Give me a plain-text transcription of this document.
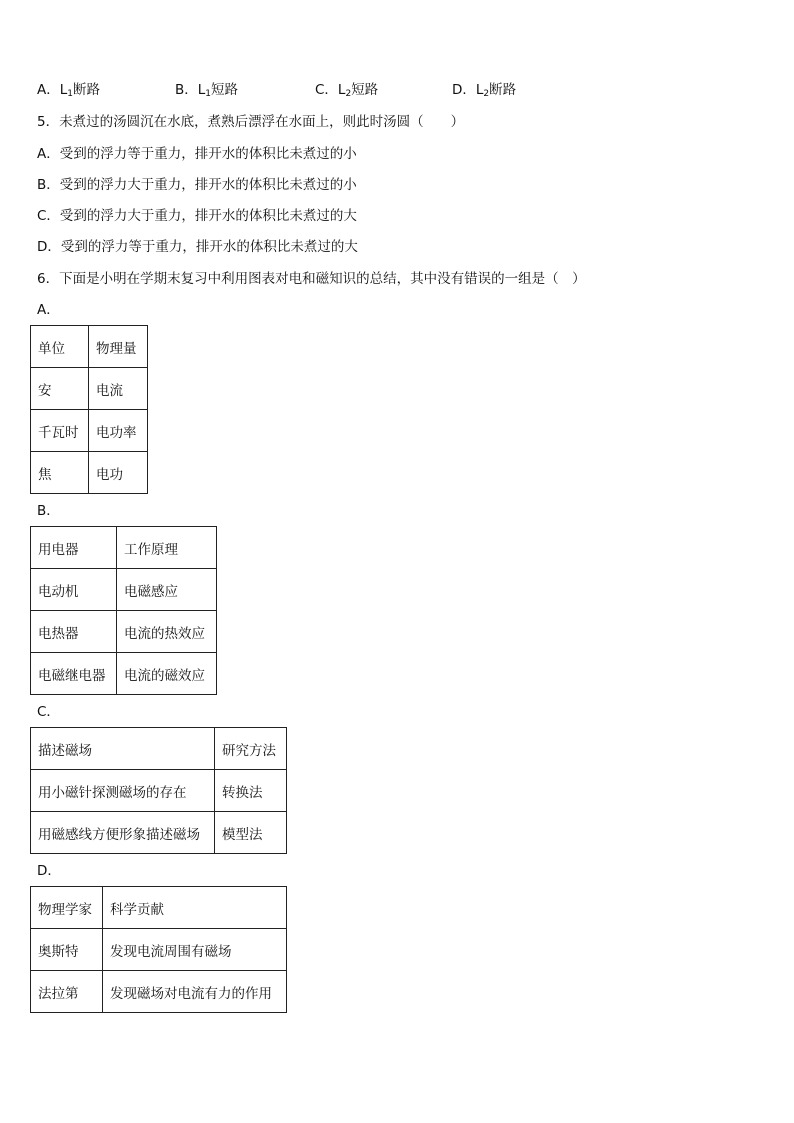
A．$L_1$断路	B．$L_1$短路	C．$L_2$短路	D．$L_2$断路
5．未煮过的汤圆沉在水底，煮熟后漂浮在水面上，则此时汤圆（　　）
A．受到的浮力等于重力，排开水的体积比未煮过的小
B．受到的浮力大于重力，排开水的体积比未煮过的小
C．受到的浮力大于重力，排开水的体积比未煮过的大
D．受到的浮力等于重力，排开水的体积比未煮过的大
6．下面是小明在学期末复习中利用图表对电和磁知识的总结，其中没有错误的一组是（　）
A．
单位	物理量
安	电流
千瓦时	电功率
焦	电功
B．
用电器	工作原理
电动机	电磁感应
电热器	电流的热效应
电磁继电器	电流的磁效应
C．
描述磁场	研究方法
用小磁针探测磁场的存在	转换法
用磁感线方便形象描述磁场	模型法
D．
物理学家	科学贡献
奥斯特	发现电流周围有磁场
法拉第	发现磁场对电流有力的作用
